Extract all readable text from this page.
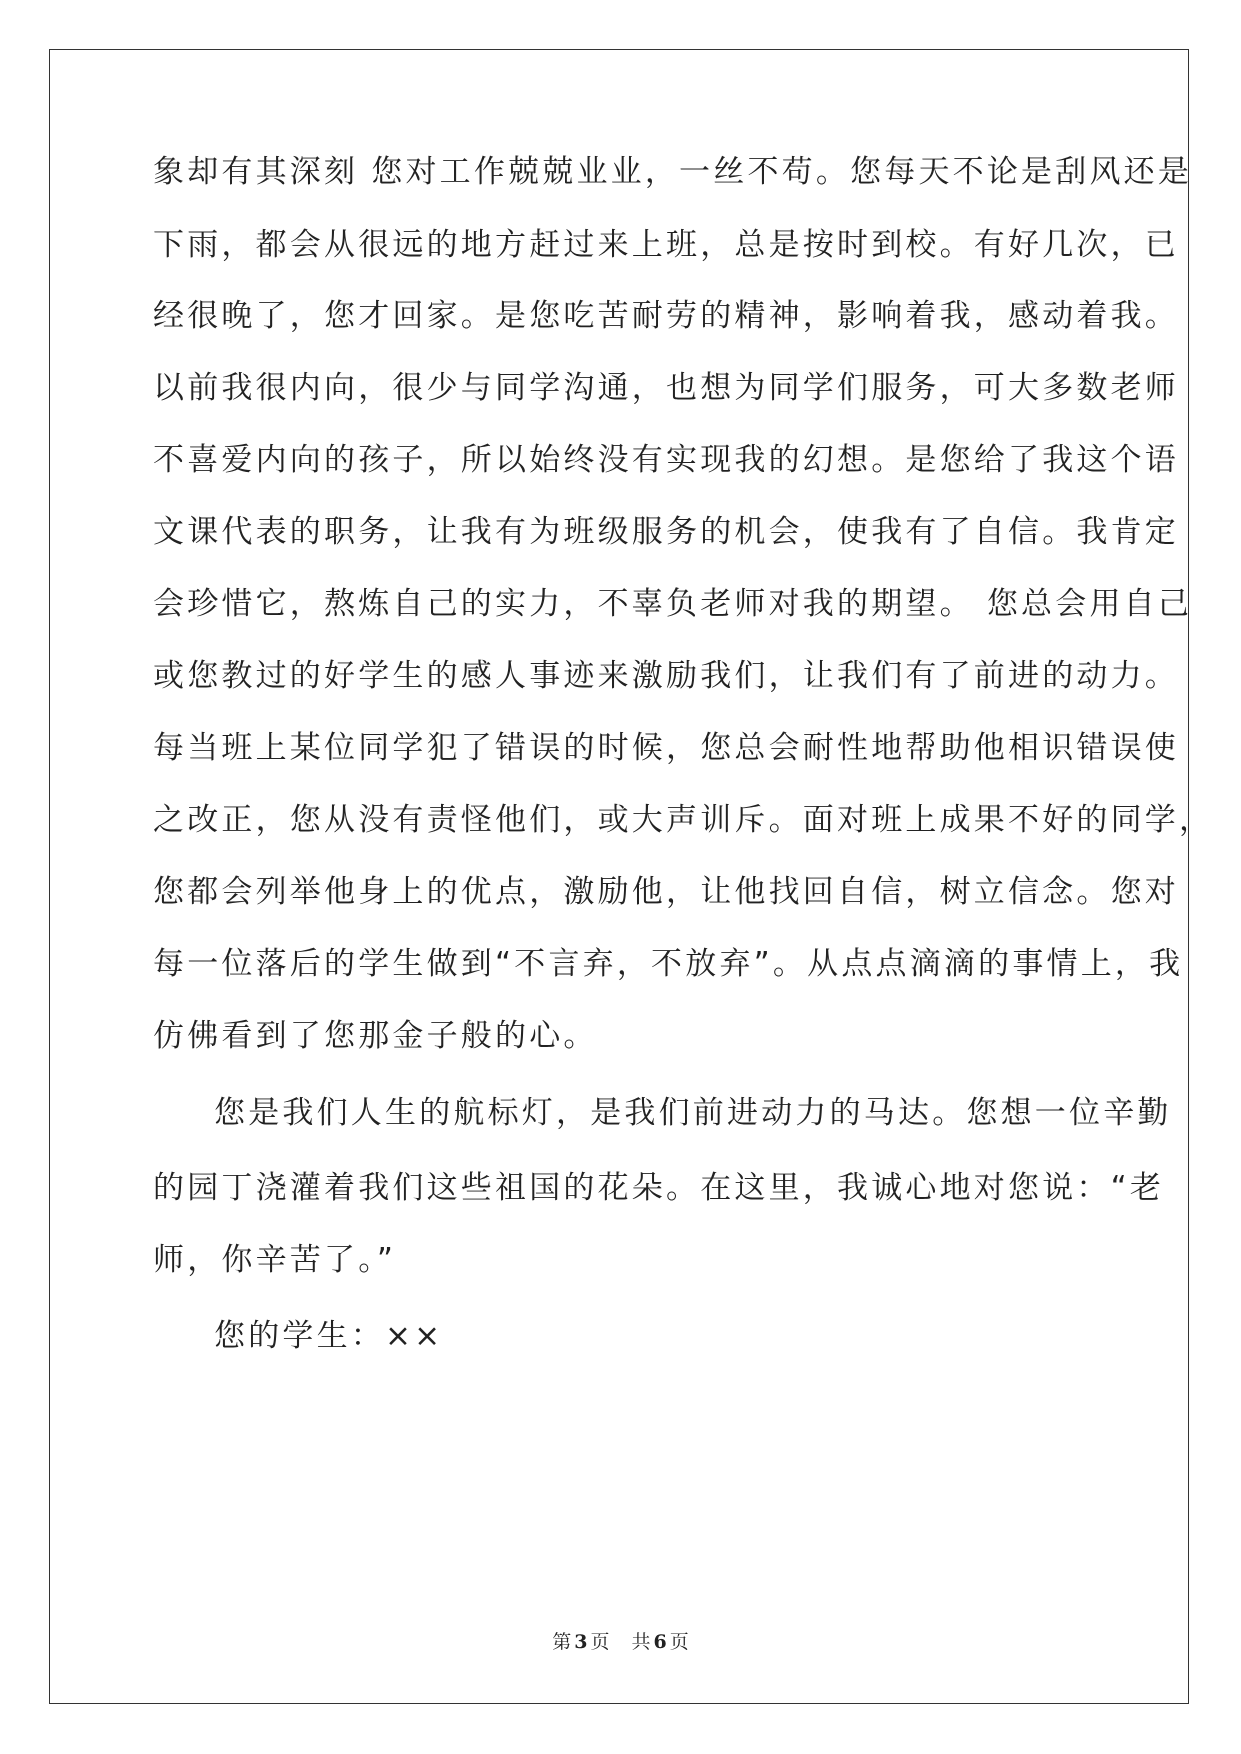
象却有其深刻 您对工作兢兢业业，一丝不苟。您每天不论是刮风还是
下雨，都会从很远的地方赶过来上班，总是按时到校。有好几次，已
经很晚了，您才回家。是您吃苦耐劳的精神，影响着我，感动着我。
以前我很内向，很少与同学沟通，也想为同学们服务，可大多数老师
不喜爱内向的孩子，所以始终没有实现我的幻想。是您给了我这个语
文课代表的职务，让我有为班级服务的机会，使我有了自信。我肯定
会珍惜它，熬炼自己的实力，不辜负老师对我的期望。 您总会用自己
或您教过的好学生的感人事迹来激励我们，让我们有了前进的动力。
每当班上某位同学犯了错误的时候，您总会耐性地帮助他相识错误使
之改正，您从没有责怪他们，或大声训斥。面对班上成果不好的同学，
您都会列举他身上的优点，激励他，让他找回自信，树立信念。您对
每一位落后的学生做到“不言弃，不放弃”。从点点滴滴的事情上，我
仿佛看到了您那金子般的心。
您是我们人生的航标灯，是我们前进动力的马达。您想一位辛勤
的园丁浇灌着我们这些祖国的花朵。在这里，我诚心地对您说：“老
师，你辛苦了。”
您的学生：××
第 3 页 共 6 页
